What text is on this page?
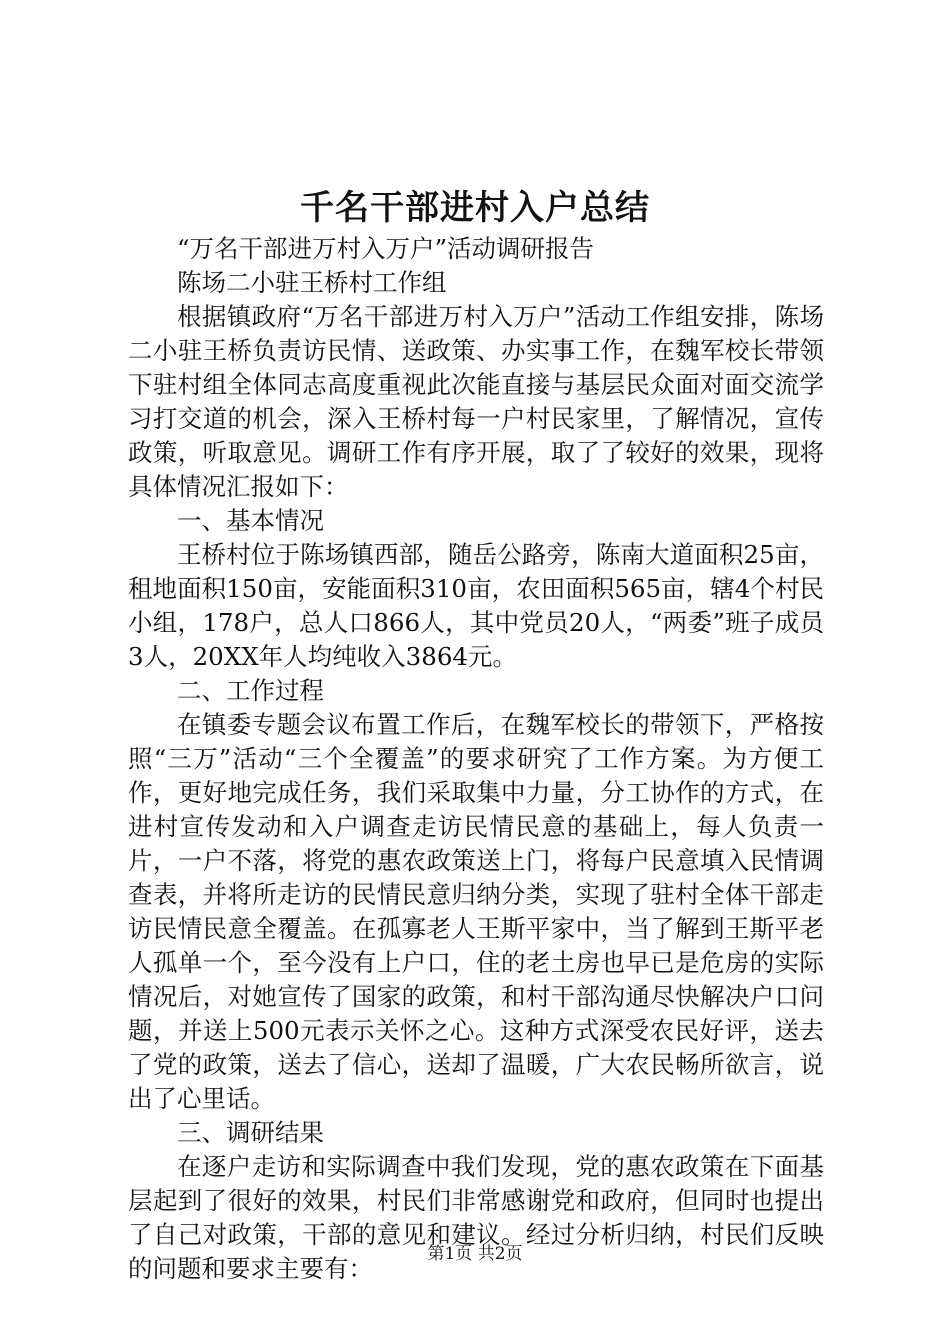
千名干部进村入户总结

“万名干部进万村入万户”活动调研报告

陈场二小驻王桥村工作组

根据镇政府“万名干部进万村入万户”活动工作组安排，陈场二小驻王桥负责访民情、送政策、办实事工作，在魏军校长带领下驻村组全体同志高度重视此次能直接与基层民众面对面交流学习打交道的机会，深入王桥村每一户村民家里，了解情况，宣传政策，听取意见。调研工作有序开展，取了了较好的效果，现将具体情况汇报如下：

一、基本情况

王桥村位于陈场镇西部，随岳公路旁，陈南大道面积25亩，租地面积150亩，安能面积310亩，农田面积565亩，辖4个村民小组，178户，总人口866人，其中党员20人，“两委”班子成员3人，20XX年人均纯收入3864元。

二、工作过程

在镇委专题会议布置工作后，在魏军校长的带领下，严格按照“三万”活动“三个全覆盖”的要求研究了工作方案。为方便工作，更好地完成任务，我们采取集中力量，分工协作的方式，在进村宣传发动和入户调查走访民情民意的基础上，每人负责一片，一户不落，将党的惠农政策送上门，将每户民意填入民情调查表，并将所走访的民情民意归纳分类，实现了驻村全体干部走访民情民意全覆盖。在孤寡老人王斯平家中，当了解到王斯平老人孤单一个，至今没有上户口，住的老土房也早已是危房的实际情况后，对她宣传了国家的政策，和村干部沟通尽快解决户口问题，并送上500元表示关怀之心。这种方式深受农民好评，送去了党的政策，送去了信心，送却了温暖，广大农民畅所欲言，说出了心里话。

三、调研结果

在逐户走访和实际调查中我们发现，党的惠农政策在下面基层起到了很好的效果，村民们非常感谢党和政府，但同时也提出了自己对政策，干部的意见和建议。经过分析归纳，村民们反映的问题和要求主要有：	第1页 共2页
